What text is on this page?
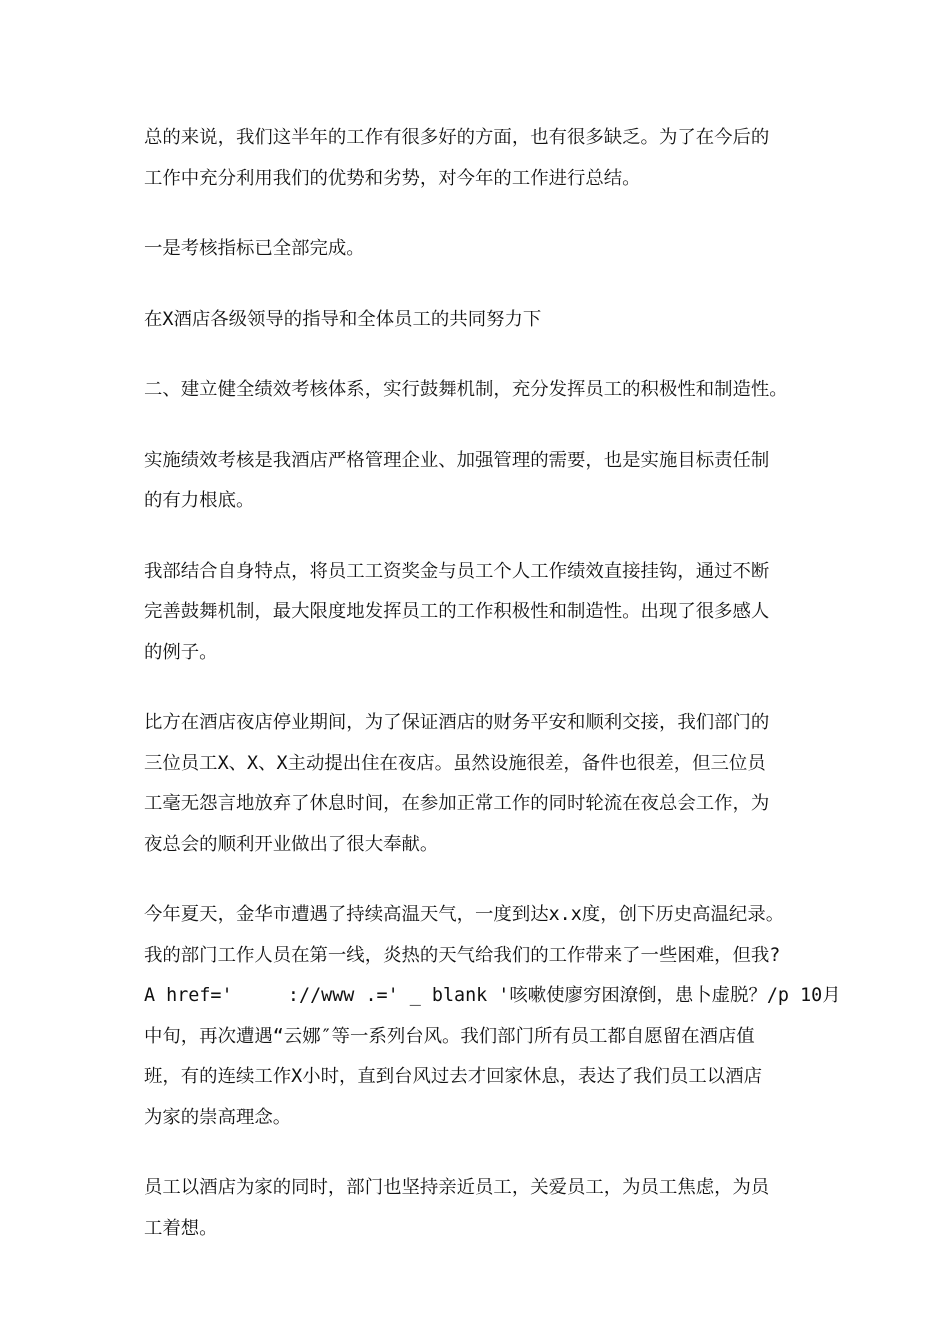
总的来说，我们这半年的工作有很多好的方面，也有很多缺乏。为了在今后的
工作中充分利用我们的优势和劣势，对今年的工作进行总结。

一是考核指标已全部完成。

在X酒店各级领导的指导和全体员工的共同努力下

二、建立健全绩效考核体系，实行鼓舞机制，充分发挥员工的积极性和制造性。

实施绩效考核是我酒店严格管理企业、加强管理的需要，也是实施目标责任制
的有力根底。

我部结合自身特点，将员工工资奖金与员工个人工作绩效直接挂钩，通过不断
完善鼓舞机制，最大限度地发挥员工的工作积极性和制造性。出现了很多感人
的例子。

比方在酒店夜店停业期间，为了保证酒店的财务平安和顺利交接，我们部门的
三位员工X、X、X主动提出住在夜店。虽然设施很差，备件也很差，但三位员
工毫无怨言地放弃了休息时间，在参加正常工作的同时轮流在夜总会工作，为
夜总会的顺利开业做出了很大奉献。

今年夏天，金华市遭遇了持续高温天气，一度到达x.x度，创下历史高温纪录。
我的部门工作人员在第一线，炎热的天气给我们的工作带来了一些困难，但我?
A href='     ://www .=' _ blank '咳嗽使廖穷困潦倒，患卜虚脱？/p 10月
中旬，再次遭遇“云娜″等一系列台风。我们部门所有员工都自愿留在酒店值
班，有的连续工作X小时，直到台风过去才回家休息，表达了我们员工以酒店
为家的崇高理念。

员工以酒店为家的同时，部门也坚持亲近员工，关爱员工，为员工焦虑，为员
工着想。
